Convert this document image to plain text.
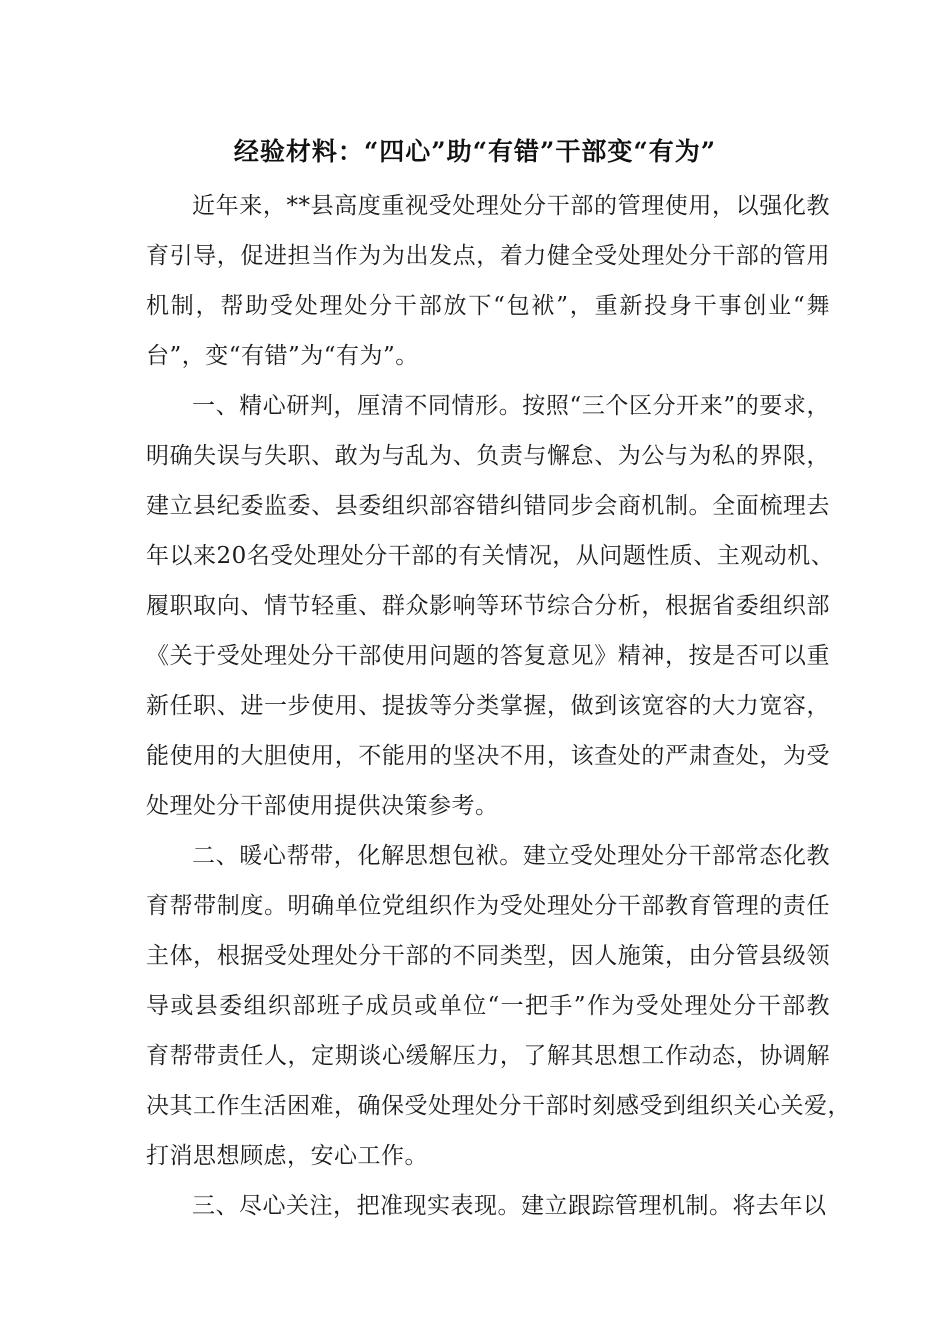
经验材料：“四心”助“有错”干部变“有为”
近年来，**县高度重视受处理处分干部的管理使用，以强化教
育引导，促进担当作为为出发点，着力健全受处理处分干部的管用
机制，帮助受处理处分干部放下“包袱”，重新投身干事创业“舞
台”，变“有错”为“有为”。
一、精心研判，厘清不同情形。按照“三个区分开来”的要求，
明确失误与失职、敢为与乱为、负责与懈怠、为公与为私的界限，
建立县纪委监委、县委组织部容错纠错同步会商机制。全面梳理去
年以来20名受处理处分干部的有关情况，从问题性质、主观动机、
履职取向、情节轻重、群众影响等环节综合分析，根据省委组织部
《关于受处理处分干部使用问题的答复意见》精神，按是否可以重
新任职、进一步使用、提拔等分类掌握，做到该宽容的大力宽容，
能使用的大胆使用，不能用的坚决不用，该查处的严肃查处，为受
处理处分干部使用提供决策参考。
二、暖心帮带，化解思想包袱。建立受处理处分干部常态化教
育帮带制度。明确单位党组织作为受处理处分干部教育管理的责任
主体，根据受处理处分干部的不同类型，因人施策，由分管县级领
导或县委组织部班子成员或单位“一把手”作为受处理处分干部教
育帮带责任人，定期谈心缓解压力，了解其思想工作动态，协调解
决其工作生活困难，确保受处理处分干部时刻感受到组织关心关爱，
打消思想顾虑，安心工作。
三、尽心关注，把准现实表现。建立跟踪管理机制。将去年以
